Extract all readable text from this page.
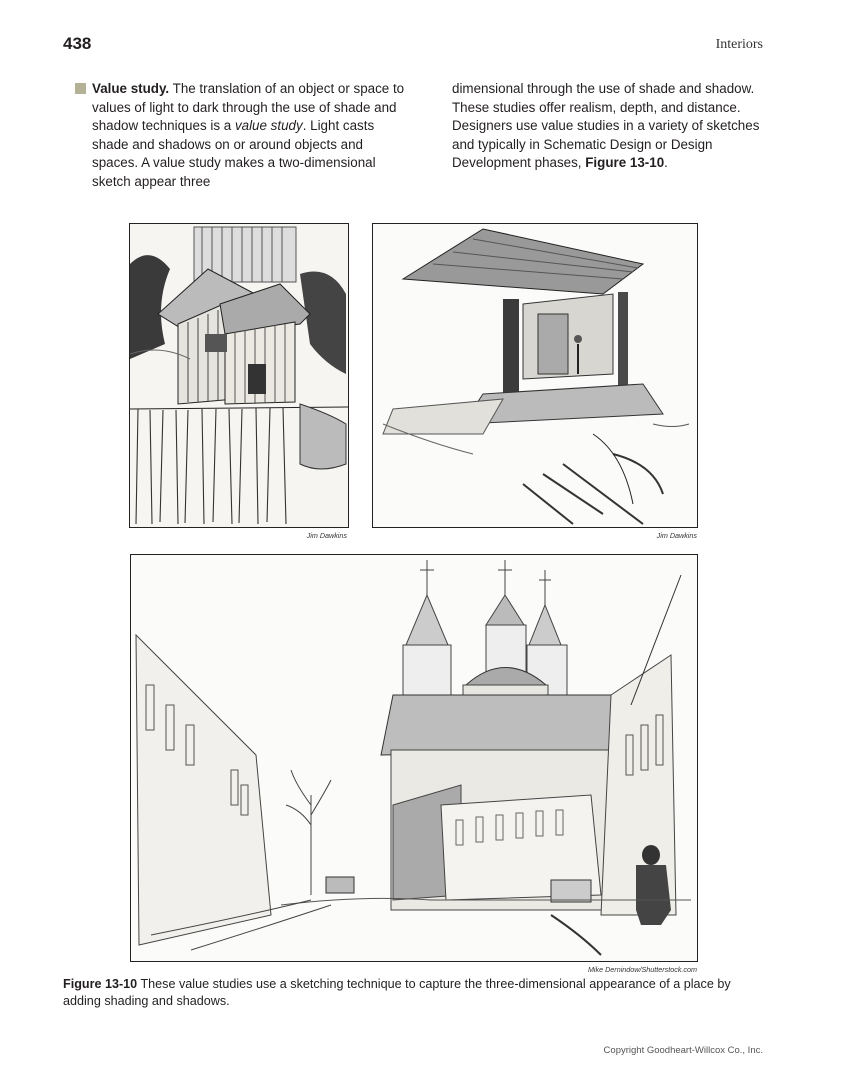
438	Interiors
Value study. The translation of an object or space to values of light to dark through the use of shade and shadow techniques is a value study. Light casts shade and shadows on or around objects and spaces. A value study makes a two-dimensional sketch appear three
dimensional through the use of shade and shadow. These studies offer realism, depth, and distance. Designers use value studies in a variety of sketches and typically in Schematic Design or Design Development phases, Figure 13-10.
Jim Dawkins	Jim Dawkins
Mike Dernindow/Shutterstock.com
Figure 13-10 These value studies use a sketching technique to capture the three-dimensional appearance of a place by adding shading and shadows.
Copyright Goodheart-Willcox Co., Inc.
